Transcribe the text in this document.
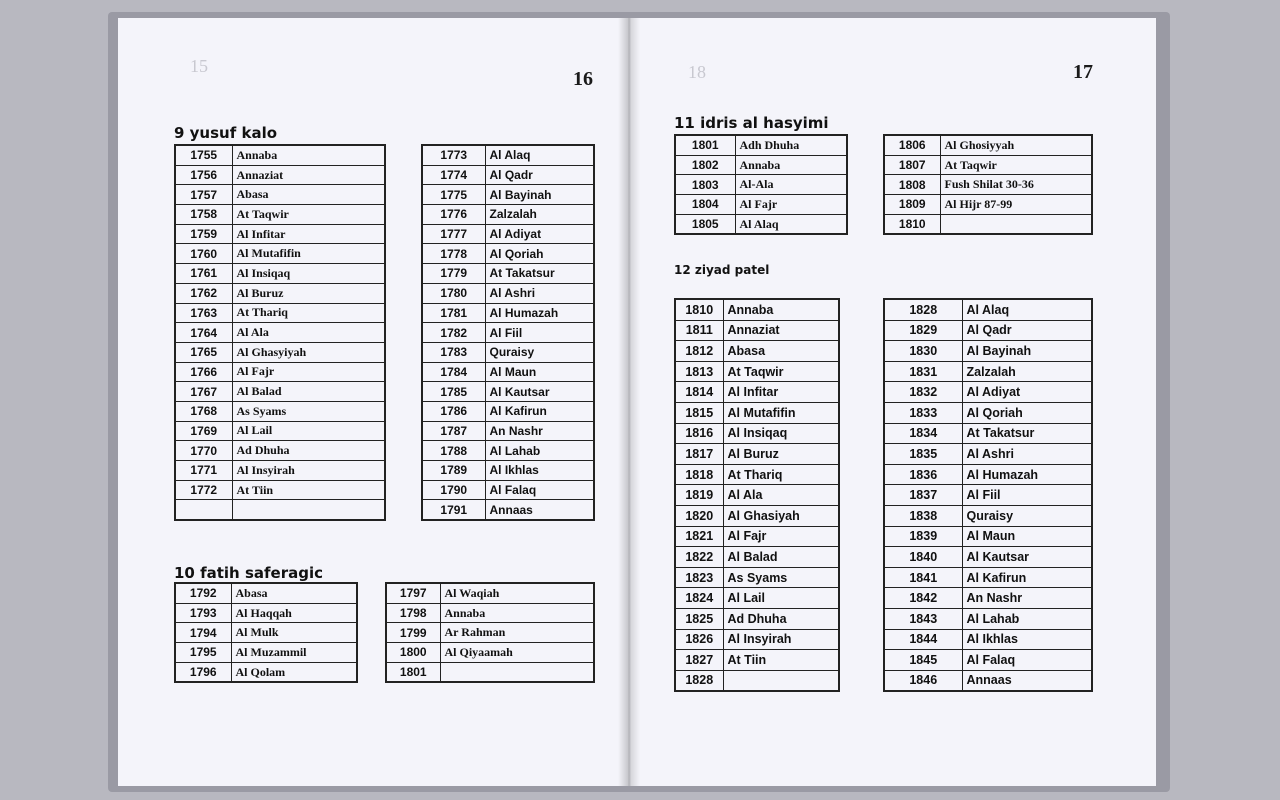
15	18
16	17
9 yusuf kalo
1755	Annaba
1756	Annaziat
1757	Abasa
1758	At Taqwir
1759	Al Infitar
1760	Al Mutafifin
1761	Al Insiqaq
1762	Al Buruz
1763	At Thariq
1764	Al Ala
1765	Al Ghasyiyah
1766	Al Fajr
1767	Al Balad
1768	As Syams
1769	Al Lail
1770	Ad Dhuha
1771	Al Insyirah
1772	At Tiin

1773	Al Alaq
1774	Al Qadr
1775	Al Bayinah
1776	Zalzalah
1777	Al Adiyat
1778	Al Qoriah
1779	At Takatsur
1780	Al Ashri
1781	Al Humazah
1782	Al Fiil
1783	Quraisy
1784	Al Maun
1785	Al Kautsar
1786	Al Kafirun
1787	An Nashr
1788	Al Lahab
1789	Al Ikhlas
1790	Al Falaq
1791	Annaas
10 fatih saferagic
1792	Abasa
1793	Al Haqqah
1794	Al Mulk
1795	Al Muzammil
1796	Al Qolam
1797	Al Waqiah
1798	Annaba
1799	Ar Rahman
1800	Al Qiyaamah
1801	
11 idris al hasyimi
1801	Adh Dhuha
1802	Annaba
1803	Al-Ala
1804	Al Fajr
1805	Al Alaq
1806	Al Ghosiyyah
1807	At Taqwir
1808	Fush Shilat 30-36
1809	Al Hijr 87-99
1810	
12 ziyad patel
1810	Annaba
1811	Annaziat
1812	Abasa
1813	At Taqwir
1814	Al Infitar
1815	Al Mutafifin
1816	Al Insiqaq
1817	Al Buruz
1818	At Thariq
1819	Al Ala
1820	Al Ghasiyah
1821	Al Fajr
1822	Al Balad
1823	As Syams
1824	Al Lail
1825	Ad Dhuha
1826	Al Insyirah
1827	At Tiin
1828	
1828	Al Alaq
1829	Al Qadr
1830	Al Bayinah
1831	Zalzalah
1832	Al Adiyat
1833	Al Qoriah
1834	At Takatsur
1835	Al Ashri
1836	Al Humazah
1837	Al Fiil
1838	Quraisy
1839	Al Maun
1840	Al Kautsar
1841	Al Kafirun
1842	An Nashr
1843	Al Lahab
1844	Al Ikhlas
1845	Al Falaq
1846	Annaas
